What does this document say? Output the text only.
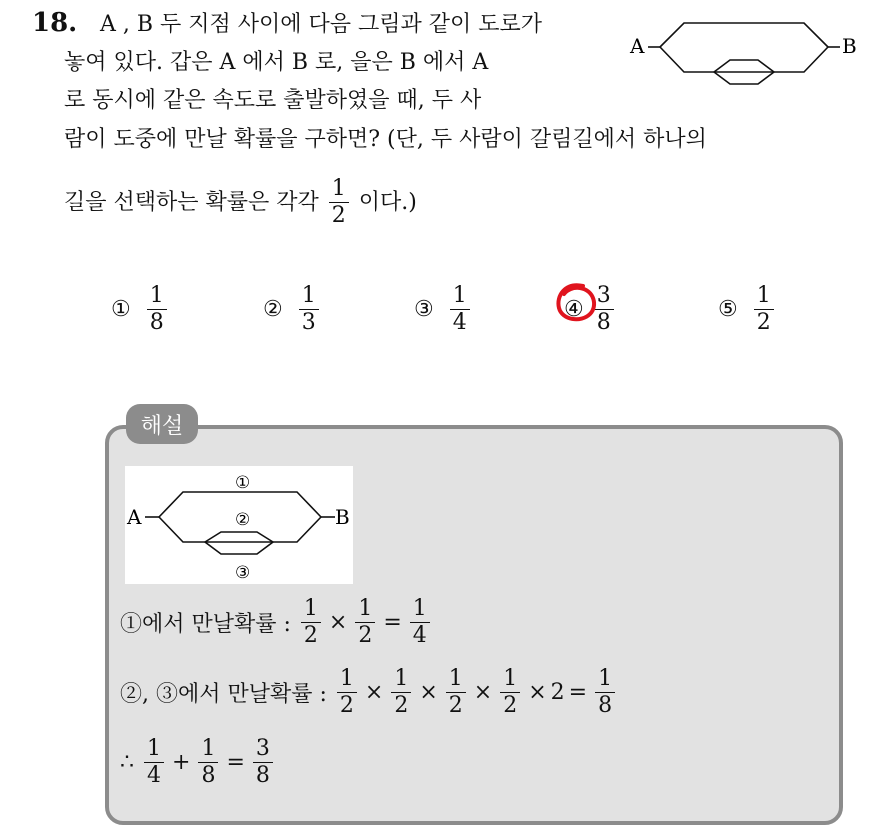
18. A , B 두 지점 사이에 다음 그림과 같이 도로가
놓여 있다. 갑은 A 에서 B 로, 을은 B 에서 A
로 동시에 같은 속도로 출발하였을 때, 두 사
람이 도중에 만날 확률을 구하면? (단, 두 사람이 갈림길에서 하나의
길을 선택하는 확률은 각각 $\frac{1}{2}$ 이다.)
A	B
① $\frac{1}{8}$	② $\frac{1}{3}$	③ $\frac{1}{4}$	④ $\frac{3}{8}$	⑤ $\frac{1}{2}$
해설
①
②
③
A	B
①에서 만날확률 : $\frac{1}{2} \times \frac{1}{2} = \frac{1}{4}$
②, ③에서 만날확률 : $\frac{1}{2} \times \frac{1}{2} \times \frac{1}{2} \times \frac{1}{2} \times 2 = \frac{1}{8}$
∴ $\frac{1}{4} + \frac{1}{8} = \frac{3}{8}$
